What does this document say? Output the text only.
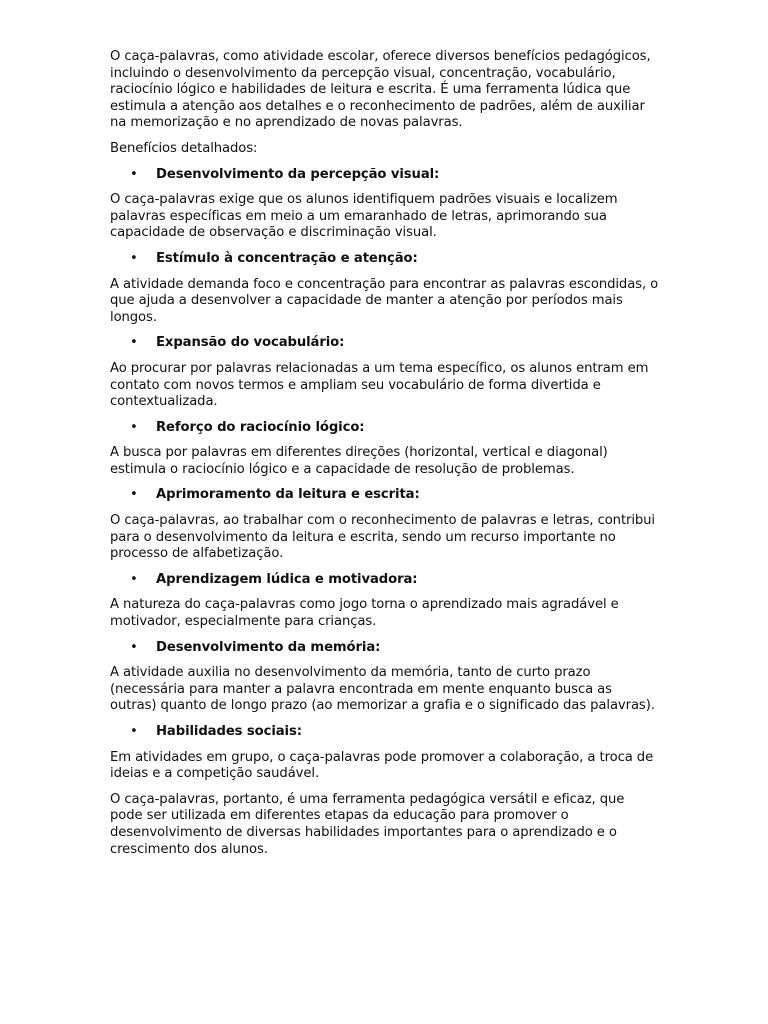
O caça-palavras, como atividade escolar, oferece diversos benefícios pedagógicos, incluindo o desenvolvimento da percepção visual, concentração, vocabulário, raciocínio lógico e habilidades de leitura e escrita. É uma ferramenta lúdica que estimula a atenção aos detalhes e o reconhecimento de padrões, além de auxiliar na memorização e no aprendizado de novas palavras.

Benefícios detalhados:

• Desenvolvimento da percepção visual:

O caça-palavras exige que os alunos identifiquem padrões visuais e localizem palavras específicas em meio a um emaranhado de letras, aprimorando sua capacidade de observação e discriminação visual.

• Estímulo à concentração e atenção:

A atividade demanda foco e concentração para encontrar as palavras escondidas, o que ajuda a desenvolver a capacidade de manter a atenção por períodos mais longos.

• Expansão do vocabulário:

Ao procurar por palavras relacionadas a um tema específico, os alunos entram em contato com novos termos e ampliam seu vocabulário de forma divertida e contextualizada.

• Reforço do raciocínio lógico:

A busca por palavras em diferentes direções (horizontal, vertical e diagonal) estimula o raciocínio lógico e a capacidade de resolução de problemas.

• Aprimoramento da leitura e escrita:

O caça-palavras, ao trabalhar com o reconhecimento de palavras e letras, contribui para o desenvolvimento da leitura e escrita, sendo um recurso importante no processo de alfabetização.

• Aprendizagem lúdica e motivadora:

A natureza do caça-palavras como jogo torna o aprendizado mais agradável e motivador, especialmente para crianças.

• Desenvolvimento da memória:

A atividade auxilia no desenvolvimento da memória, tanto de curto prazo (necessária para manter a palavra encontrada em mente enquanto busca as outras) quanto de longo prazo (ao memorizar a grafia e o significado das palavras).

• Habilidades sociais:

Em atividades em grupo, o caça-palavras pode promover a colaboração, a troca de ideias e a competição saudável.

O caça-palavras, portanto, é uma ferramenta pedagógica versátil e eficaz, que pode ser utilizada em diferentes etapas da educação para promover o desenvolvimento de diversas habilidades importantes para o aprendizado e o crescimento dos alunos.
